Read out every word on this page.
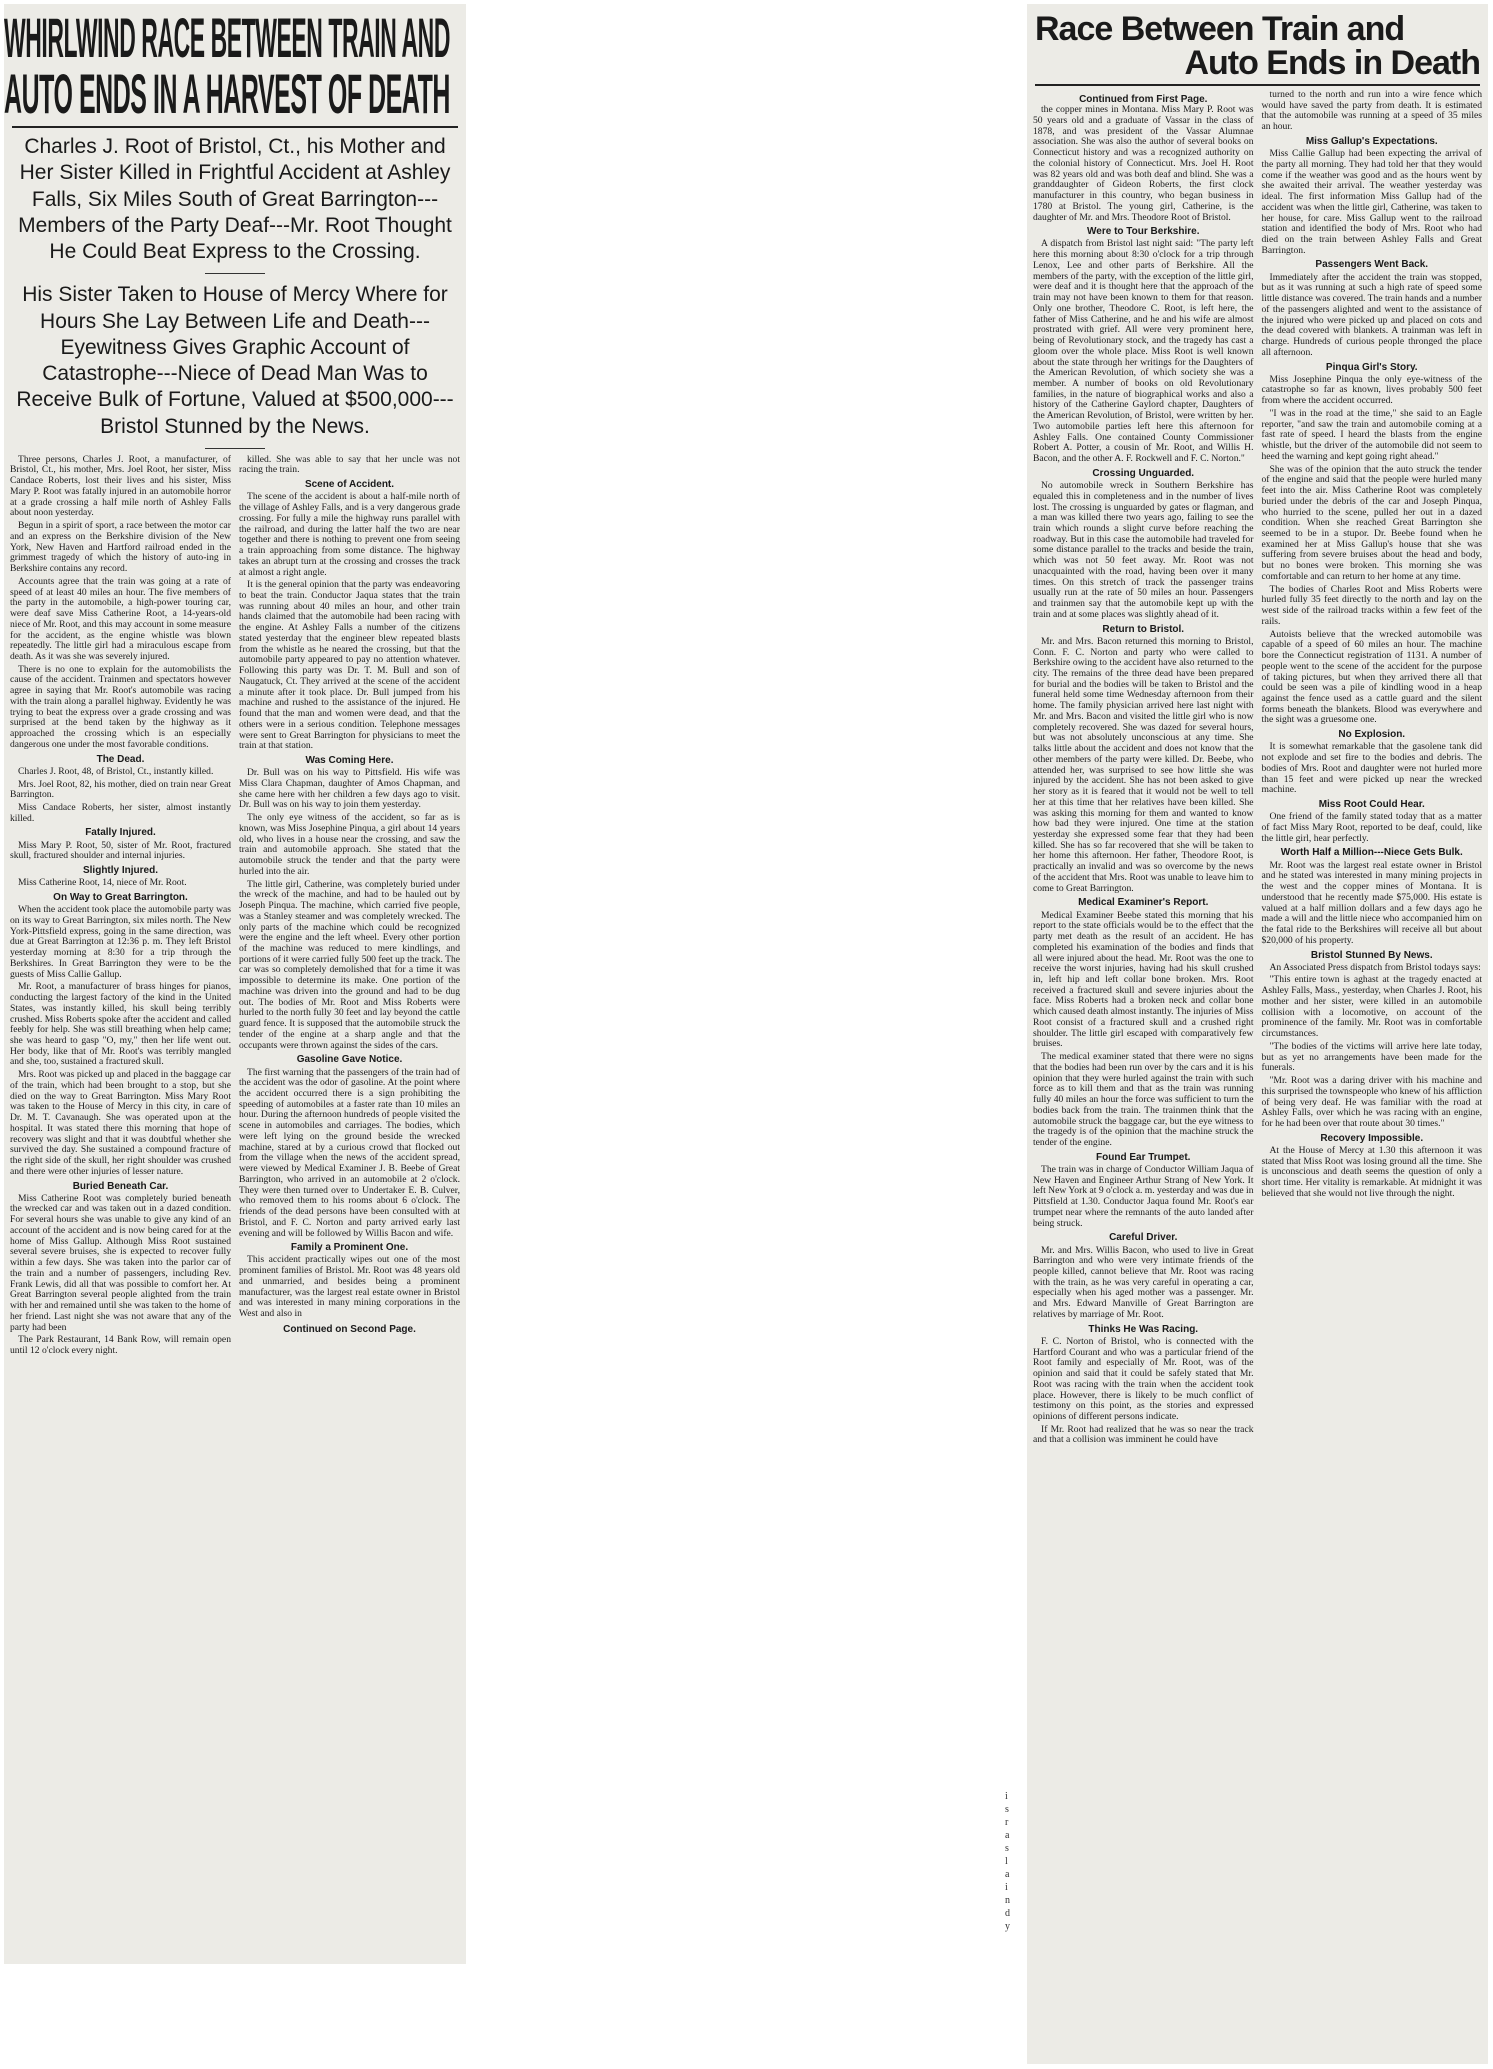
WHIRLWIND RACE BETWEEN TRAIN AND
AUTO ENDS IN A HARVEST OF DEATH
Charles J. Root of Bristol, Ct., his Mother and Her Sister Killed in Frightful Accident at Ashley Falls, Six Miles South of Great Barrington---Members of the Party Deaf---Mr. Root Thought He Could Beat Express to the Crossing.
His Sister Taken to House of Mercy Where for Hours She Lay Between Life and Death---Eyewitness Gives Graphic Account of Catastrophe---Niece of Dead Man Was to Receive Bulk of Fortune, Valued at $500,000---Bristol Stunned by the News.

Three persons, Charles J. Root, a manufacturer, of Bristol, Ct., his mother, Mrs. Joel Root, her sister, Miss Candace Roberts, lost their lives and his sister, Miss Mary P. Root was fatally injured in an automobile horror at a grade crossing a half mile north of Ashley Falls about noon yesterday.

Begun in a spirit of sport, a race between the motor car and an express on the Berkshire division of the New York, New Haven and Hartford railroad ended in the grimmest tragedy of which the history of auto-ing in Berkshire contains any record.

Accounts agree that the train was going at a rate of speed of at least 40 miles an hour. The five members of the party in the automobile, a high-power touring car, were deaf save Miss Catherine Root, a 14-years-old niece of Mr. Root, and this may account in some measure for the accident, as the engine whistle was blown repeatedly. The little girl had a miraculous escape from death. As it was she was severely injured.

There is no one to explain for the automobilists the cause of the accident. Trainmen and spectators however agree in saying that Mr. Root's automobile was racing with the train along a parallel highway. Evidently he was trying to beat the express over a grade crossing and was surprised at the bend taken by the highway as it approached the crossing which is an especially dangerous one under the most favorable conditions.

The Dead.

Charles J. Root, 48, of Bristol, Ct., instantly killed.

Mrs. Joel Root, 82, his mother, died on train near Great Barrington.

Miss Candace Roberts, her sister, almost instantly killed.

Fatally Injured.

Miss Mary P. Root, 50, sister of Mr. Root, fractured skull, fractured shoulder and internal injuries.

Slightly Injured.

Miss Catherine Root, 14, niece of Mr. Root.

On Way to Great Barrington.

When the accident took place the automobile party was on its way to Great Barrington, six miles north. The New York-Pittsfield express, going in the same direction, was due at Great Barrington at 12:36 p. m. They left Bristol yesterday morning at 8:30 for a trip through the Berkshires. In Great Barrington they were to be the guests of Miss Callie Gallup.

Mr. Root, a manufacturer of brass hinges for pianos, conducting the largest factory of the kind in the United States, was instantly killed, his skull being terribly crushed. Miss Roberts spoke after the accident and called feebly for help. She was still breathing when help came; she was heard to gasp "O, my," then her life went out. Her body, like that of Mr. Root's was terribly mangled and she, too, sustained a fractured skull.

Mrs. Root was picked up and placed in the baggage car of the train, which had been brought to a stop, but she died on the way to Great Barrington. Miss Mary Root was taken to the House of Mercy in this city, in care of Dr. M. T. Cavanaugh. She was operated upon at the hospital. It was stated there this morning that hope of recovery was slight and that it was doubtful whether she survived the day. She sustained a compound fracture of the right side of the skull, her right shoulder was crushed and there were other injuries of lesser nature.

Buried Beneath Car.

Miss Catherine Root was completely buried beneath the wrecked car and was taken out in a dazed condition. For several hours she was unable to give any kind of an account of the accident and is now being cared for at the home of Miss Gallup. Although Miss Root sustained several severe bruises, she is expected to recover fully within a few days. She was taken into the parlor car of the train and a number of passengers, including Rev. Frank Lewis, did all that was possible to comfort her. At Great Barrington several people alighted from the train with her and remained until she was taken to the home of her friend. Last night she was not aware that any of the party had been

The Park Restaurant, 14 Bank Row, will remain open until 12 o'clock every night.

killed. She was able to say that her uncle was not racing the train.

Scene of Accident.

The scene of the accident is about a half-mile north of the village of Ashley Falls, and is a very dangerous grade crossing. For fully a mile the highway runs parallel with the railroad, and during the latter half the two are near together and there is nothing to prevent one from seeing a train approaching from some distance. The highway takes an abrupt turn at the crossing and crosses the track at almost a right angle.

It is the general opinion that the party was endeavoring to beat the train. Conductor Jaqua states that the train was running about 40 miles an hour, and other train hands claimed that the automobile had been racing with the engine. At Ashley Falls a number of the citizens stated yesterday that the engineer blew repeated blasts from the whistle as he neared the crossing, but that the automobile party appeared to pay no attention whatever. Following this party was Dr. T. M. Bull and son of Naugatuck, Ct. They arrived at the scene of the accident a minute after it took place. Dr. Bull jumped from his machine and rushed to the assistance of the injured. He found that the man and women were dead, and that the others were in a serious condition. Telephone messages were sent to Great Barrington for physicians to meet the train at that station.

Was Coming Here.

Dr. Bull was on his way to Pittsfield. His wife was Miss Clara Chapman, daughter of Amos Chapman, and she came here with her children a few days ago to visit. Dr. Bull was on his way to join them yesterday.

The only eye witness of the accident, so far as is known, was Miss Josephine Pinqua, a girl about 14 years old, who lives in a house near the crossing, and saw the train and automobile approach. She stated that the automobile struck the tender and that the party were hurled into the air.

The little girl, Catherine, was completely buried under the wreck of the machine, and had to be hauled out by Joseph Pinqua. The machine, which carried five people, was a Stanley steamer and was completely wrecked. The only parts of the machine which could be recognized were the engine and the left wheel. Every other portion of the machine was reduced to mere kindlings, and portions of it were carried fully 500 feet up the track. The car was so completely demolished that for a time it was impossible to determine its make. One portion of the machine was driven into the ground and had to be dug out. The bodies of Mr. Root and Miss Roberts were hurled to the north fully 30 feet and lay beyond the cattle guard fence. It is supposed that the automobile struck the tender of the engine at a sharp angle and that the occupants were thrown against the sides of the cars.

Gasoline Gave Notice.

The first warning that the passengers of the train had of the accident was the odor of gasoline. At the point where the accident occurred there is a sign prohibiting the speeding of automobiles at a faster rate than 10 miles an hour. During the afternoon hundreds of people visited the scene in automobiles and carriages. The bodies, which were left lying on the ground beside the wrecked machine, stared at by a curious crowd that flocked out from the village when the news of the accident spread, were viewed by Medical Examiner J. B. Beebe of Great Barrington, who arrived in an automobile at 2 o'clock. They were then turned over to Undertaker E. B. Culver, who removed them to his rooms about 6 o'clock. The friends of the dead persons have been consulted with at Bristol, and F. C. Norton and party arrived early last evening and will be followed by Willis Bacon and wife.

Family a Prominent One.

This accident practically wipes out one of the most prominent families of Bristol. Mr. Root was 48 years old and unmarried, and besides being a prominent manufacturer, was the largest real estate owner in Bristol and was interested in many mining corporations in the West and also in

Continued on Second Page.
Race Between Train and
Auto Ends in Death
Continued from First Page.

the copper mines in Montana. Miss Mary P. Root was 50 years old and a graduate of Vassar in the class of 1878, and was president of the Vassar Alumnae association. She was also the author of several books on Connecticut history and was a recognized authority on the colonial history of Connecticut. Mrs. Joel H. Root was 82 years old and was both deaf and blind. She was a granddaughter of Gideon Roberts, the first clock manufacturer in this country, who began business in 1780 at Bristol. The young girl, Catherine, is the daughter of Mr. and Mrs. Theodore Root of Bristol.

Were to Tour Berkshire.

A dispatch from Bristol last night said: "The party left here this morning about 8:30 o'clock for a trip through Lenox, Lee and other parts of Berkshire. All the members of the party, with the exception of the little girl, were deaf and it is thought here that the approach of the train may not have been known to them for that reason. Only one brother, Theodore C. Root, is left here, the father of Miss Catherine, and he and his wife are almost prostrated with grief. All were very prominent here, being of Revolutionary stock, and the tragedy has cast a gloom over the whole place. Miss Root is well known about the state through her writings for the Daughters of the American Revolution, of which society she was a member. A number of books on old Revolutionary families, in the nature of biographical works and also a history of the Catherine Gaylord chapter, Daughters of the American Revolution, of Bristol, were written by her. Two automobile parties left here this afternoon for Ashley Falls. One contained County Commissioner Robert A. Potter, a cousin of Mr. Root, and Willis H. Bacon, and the other A. F. Rockwell and F. C. Norton."

Crossing Unguarded.

No automobile wreck in Southern Berkshire has equaled this in completeness and in the number of lives lost. The crossing is unguarded by gates or flagman, and a man was killed there two years ago, failing to see the train which rounds a slight curve before reaching the roadway. But in this case the automobile had traveled for some distance parallel to the tracks and beside the train, which was not 50 feet away. Mr. Root was not unacquainted with the road, having been over it many times. On this stretch of track the passenger trains usually run at the rate of 50 miles an hour. Passengers and trainmen say that the automobile kept up with the train and at some places was slightly ahead of it.

Return to Bristol.

Mr. and Mrs. Bacon returned this morning to Bristol, Conn. F. C. Norton and party who were called to Berkshire owing to the accident have also returned to the city. The remains of the three dead have been prepared for burial and the bodies will be taken to Bristol and the funeral held some time Wednesday afternoon from their home. The family physician arrived here last night with Mr. and Mrs. Bacon and visited the little girl who is now completely recovered. She was dazed for several hours, but was not absolutely unconscious at any time. She talks little about the accident and does not know that the other members of the party were killed. Dr. Beebe, who attended her, was surprised to see how little she was injured by the accident. She has not been asked to give her story as it is feared that it would not be well to tell her at this time that her relatives have been killed. She was asking this morning for them and wanted to know how bad they were injured. One time at the station yesterday she expressed some fear that they had been killed. She has so far recovered that she will be taken to her home this afternoon. Her father, Theodore Root, is practically an invalid and was so overcome by the news of the accident that Mrs. Root was unable to leave him to come to Great Barrington.

Medical Examiner's Report.

Medical Examiner Beebe stated this morning that his report to the state officials would be to the effect that the party met death as the result of an accident. He has completed his examination of the bodies and finds that all were injured about the head. Mr. Root was the one to receive the worst injuries, having had his skull crushed in, left hip and left collar bone broken. Mrs. Root received a fractured skull and severe injuries about the face. Miss Roberts had a broken neck and collar bone which caused death almost instantly. The injuries of Miss Root consist of a fractured skull and a crushed right shoulder. The little girl escaped with comparatively few bruises.

The medical examiner stated that there were no signs that the bodies had been run over by the cars and it is his opinion that they were hurled against the train with such force as to kill them and that as the train was running fully 40 miles an hour the force was sufficient to turn the bodies back from the train. The trainmen think that the automobile struck the baggage car, but the eye witness to the tragedy is of the opinion that the machine struck the tender of the engine.

Found Ear Trumpet.

The train was in charge of Conductor William Jaqua of New Haven and Engineer Arthur Strang of New York. It left New York at 9 o'clock a. m. yesterday and was due in Pittsfield at 1.30. Conductor Jaqua found Mr. Root's ear trumpet near where the remnants of the auto landed after being struck.

Careful Driver.

Mr. and Mrs. Willis Bacon, who used to live in Great Barrington and who were very intimate friends of the people killed, cannot believe that Mr. Root was racing with the train, as he was very careful in operating a car, especially when his aged mother was a passenger. Mr. and Mrs. Edward Manville of Great Barrington are relatives by marriage of Mr. Root.

Thinks He Was Racing.

F. C. Norton of Bristol, who is connected with the Hartford Courant and who was a particular friend of the Root family and especially of Mr. Root, was of the opinion and said that it could be safely stated that Mr. Root was racing with the train when the accident took place. However, there is likely to be much conflict of testimony on this point, as the stories and expressed opinions of different persons indicate.

If Mr. Root had realized that he was so near the track and that a collision was imminent he could have

turned to the north and run into a wire fence which would have saved the party from death. It is estimated that the automobile was running at a speed of 35 miles an hour.

Miss Gallup's Expectations.

Miss Callie Gallup had been expecting the arrival of the party all morning. They had told her that they would come if the weather was good and as the hours went by she awaited their arrival. The weather yesterday was ideal. The first information Miss Gallup had of the accident was when the little girl, Catherine, was taken to her house, for care. Miss Gallup went to the railroad station and identified the body of Mrs. Root who had died on the train between Ashley Falls and Great Barrington.

Passengers Went Back.

Immediately after the accident the train was stopped, but as it was running at such a high rate of speed some little distance was covered. The train hands and a number of the passengers alighted and went to the assistance of the injured who were picked up and placed on cots and the dead covered with blankets. A trainman was left in charge. Hundreds of curious people thronged the place all afternoon.

Pinqua Girl's Story.

Miss Josephine Pinqua the only eye-witness of the catastrophe so far as known, lives probably 500 feet from where the accident occurred.

"I was in the road at the time," she said to an Eagle reporter, "and saw the train and automobile coming at a fast rate of speed. I heard the blasts from the engine whistle, but the driver of the automobile did not seem to heed the warning and kept going right ahead."

She was of the opinion that the auto struck the tender of the engine and said that the people were hurled many feet into the air. Miss Catherine Root was completely buried under the debris of the car and Joseph Pinqua, who hurried to the scene, pulled her out in a dazed condition. When she reached Great Barrington she seemed to be in a stupor. Dr. Beebe found when he examined her at Miss Gallup's house that she was suffering from severe bruises about the head and body, but no bones were broken. This morning she was comfortable and can return to her home at any time.

The bodies of Charles Root and Miss Roberts were hurled fully 35 feet directly to the north and lay on the west side of the railroad tracks within a few feet of the rails.

Autoists believe that the wrecked automobile was capable of a speed of 60 miles an hour. The machine bore the Connecticut registration of 1131. A number of people went to the scene of the accident for the purpose of taking pictures, but when they arrived there all that could be seen was a pile of kindling wood in a heap against the fence used as a cattle guard and the silent forms beneath the blankets. Blood was everywhere and the sight was a gruesome one.

No Explosion.

It is somewhat remarkable that the gasolene tank did not explode and set fire to the bodies and debris. The bodies of Mrs. Root and daughter were not hurled more than 15 feet and were picked up near the wrecked machine.

Miss Root Could Hear.

One friend of the family stated today that as a matter of fact Miss Mary Root, reported to be deaf, could, like the little girl, hear perfectly.

Worth Half a Million---Niece Gets Bulk.

Mr. Root was the largest real estate owner in Bristol and he stated was interested in many mining projects in the west and the copper mines of Montana. It is understood that he recently made $75,000. His estate is valued at a half million dollars and a few days ago he made a will and the little niece who accompanied him on the fatal ride to the Berkshires will receive all but about $20,000 of his property.

Bristol Stunned By News.

An Associated Press dispatch from Bristol todays says:

"This entire town is aghast at the tragedy enacted at Ashley Falls, Mass., yesterday, when Charles J. Root, his mother and her sister, were killed in an automobile collision with a locomotive, on account of the prominence of the family. Mr. Root was in comfortable circumstances.

"The bodies of the victims will arrive here late today, but as yet no arrangements have been made for the funerals.

"Mr. Root was a daring driver with his machine and this surprised the townspeople who knew of his affliction of being very deaf. He was familiar with the road at Ashley Falls, over which he was racing with an engine, for he had been over that route about 30 times."

Recovery Impossible.

At the House of Mercy at 1.30 this afternoon it was stated that Miss Root was losing ground all the time. She is unconscious and death seems the question of only a short time. Her vitality is remarkable. At midnight it was believed that she would not live through the night.

i
s
r
a
s
l
a
i
n
d
y
